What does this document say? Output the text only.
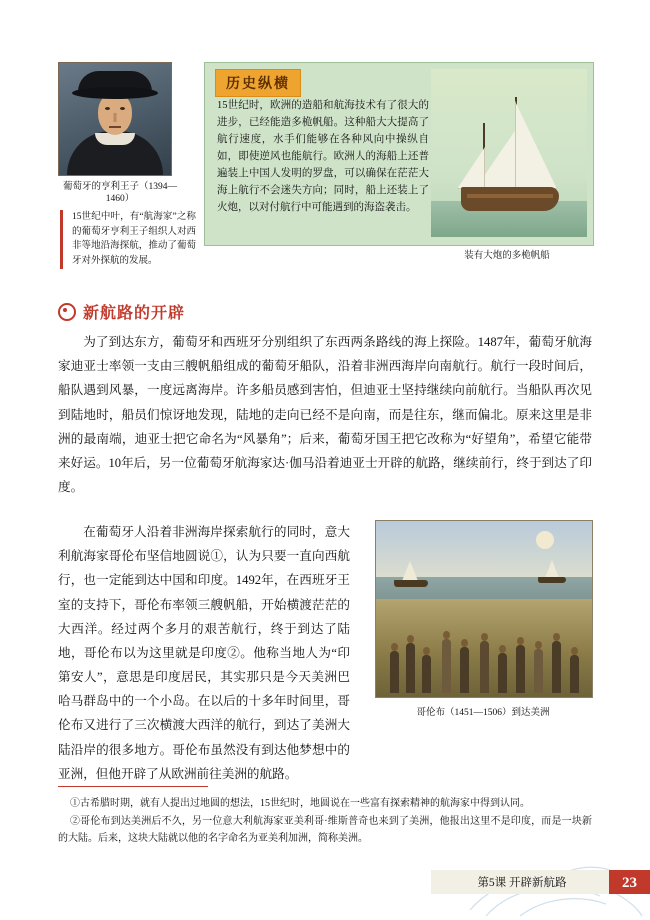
葡萄牙的亨利王子（1394—1460）
15世纪中叶，有“航海家”之称的葡萄牙亨利王子组织人对西非等地沿海探航，推动了葡萄牙对外探航的发展。
历史纵横
15世纪时，欧洲的造船和航海技术有了很大的进步，已经能造多桅帆船。这种船大大提高了航行速度，水手们能够在各种风向中操纵自如，即使逆风也能航行。欧洲人的海船上还普遍装上中国人发明的罗盘，可以确保在茫茫大海上航行不会迷失方向；同时，船上还装上了火炮，以对付航行中可能遇到的海盗袭击。
装有大炮的多桅帆船
新航路的开辟
为了到达东方，葡萄牙和西班牙分别组织了东西两条路线的海上探险。1487年，葡萄牙航海家迪亚士率领一支由三艘帆船组成的葡萄牙船队，沿着非洲西海岸向南航行。航行一段时间后，船队遇到风暴，一度远离海岸。许多船员感到害怕，但迪亚士坚持继续向前航行。当船队再次见到陆地时，船员们惊讶地发现，陆地的走向已经不是向南，而是往东，继而偏北。原来这里是非洲的最南端，迪亚士把它命名为“风暴角”；后来，葡萄牙国王把它改称为“好望角”，希望它能带来好运。10年后，另一位葡萄牙航海家达·伽马沿着迪亚士开辟的航路，继续前行，终于到达了印度。
在葡萄牙人沿着非洲海岸探索航行的同时，意大利航海家哥伦布坚信地圆说①，认为只要一直向西航行，也一定能到达中国和印度。1492年，在西班牙王室的支持下，哥伦布率领三艘帆船，开始横渡茫茫的大西洋。经过两个多月的艰苦航行，终于到达了陆地，哥伦布以为这里就是印度②。他称当地人为“印第安人”，意思是印度居民，其实那只是今天美洲巴哈马群岛中的一个小岛。在以后的十多年时间里，哥伦布又进行了三次横渡大西洋的航行，到达了美洲大陆沿岸的很多地方。哥伦布虽然没有到达他梦想中的亚洲，但他开辟了从欧洲前往美洲的航路。
哥伦布（1451—1506）到达美洲

①古希腊时期，就有人提出过地圆的想法，15世纪时，地圆说在一些富有探索精神的航海家中得到认同。

②哥伦布到达美洲后不久，另一位意大利航海家亚美利哥·维斯普奇也来到了美洲，他报出这里不是印度，而是一块新的大陆。后来，这块大陆就以他的名字命名为亚美利加洲，简称美洲。

第5课 开辟新航路	23
